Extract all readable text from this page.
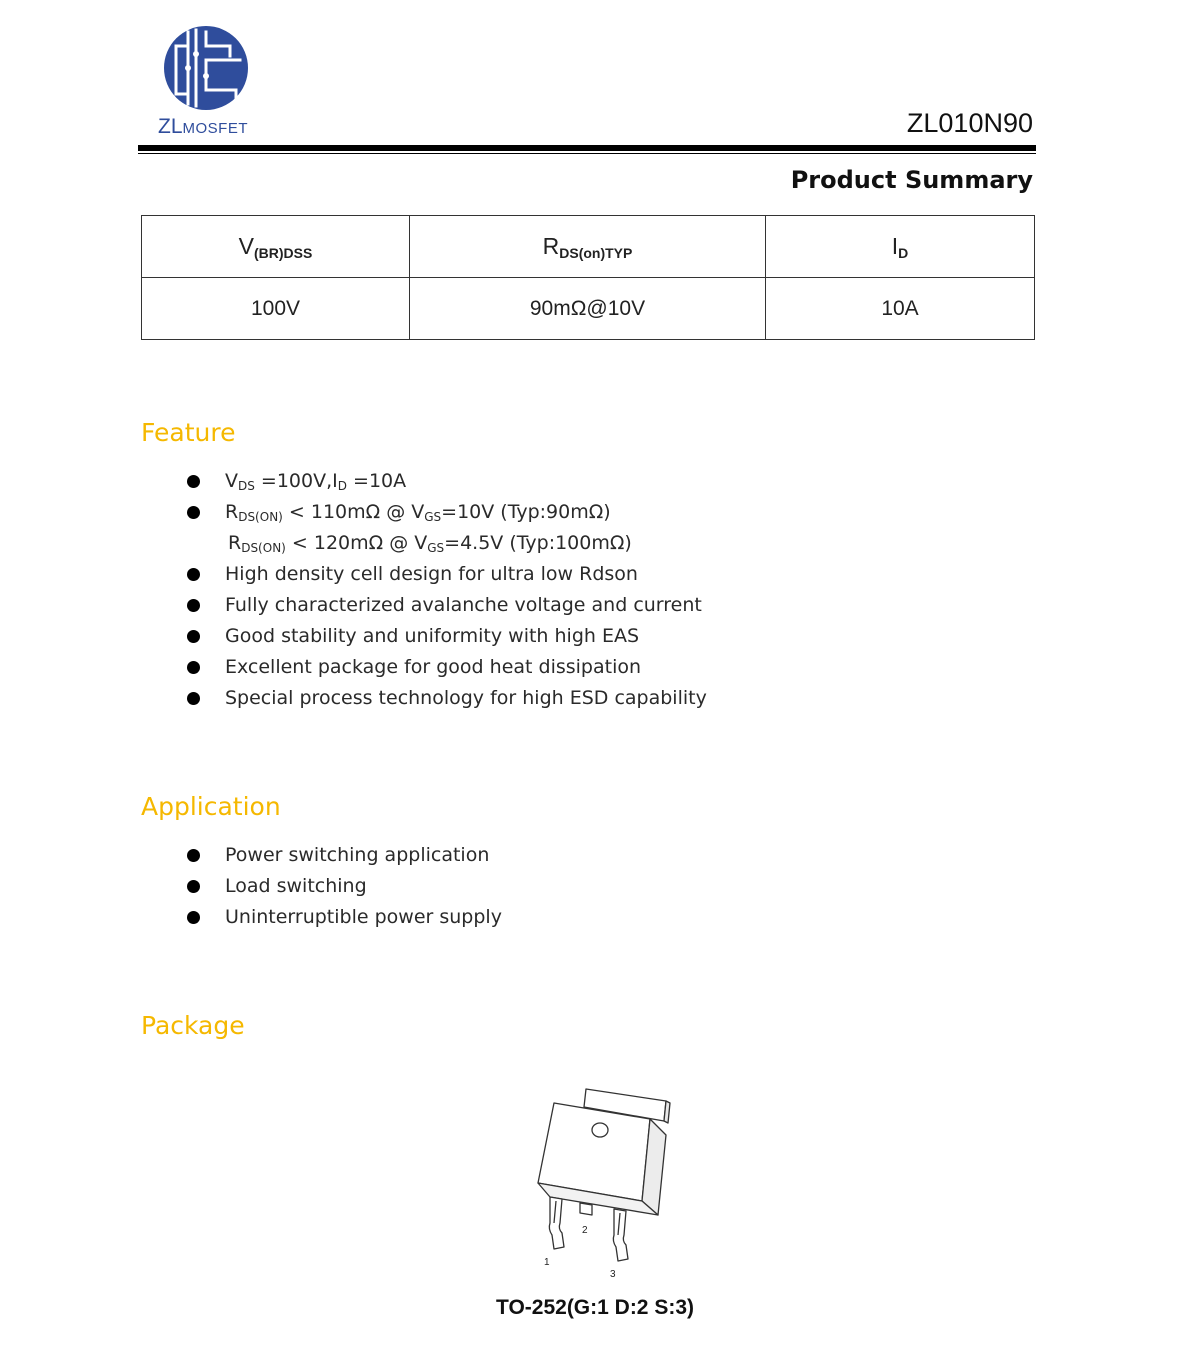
ZLMOSFET	ZL010N90
Product Summary
$V_{(BR)DSS}$	$R_{DS(on)TYP}$	$I_D$
100V	90mΩ@10V	10A
Feature
$V_{DS} =100V,I_D =10A$
$R_{DS(ON)} < 110m\Omega$ @ $V_{GS}=10V$ (Typ:90mΩ)
$R_{DS(ON)} < 120m\Omega$ @ $V_{GS}=4.5V$ (Typ:100mΩ)
High density cell design for ultra low Rdson
Fully characterized avalanche voltage and current
Good stability and uniformity with high EAS
Excellent package for good heat dissipation
Special process technology for high ESD capability
Application
Power switching application
Load switching
Uninterruptible power supply
Package
1
2
3
TO-252(G:1 D:2 S:3)
